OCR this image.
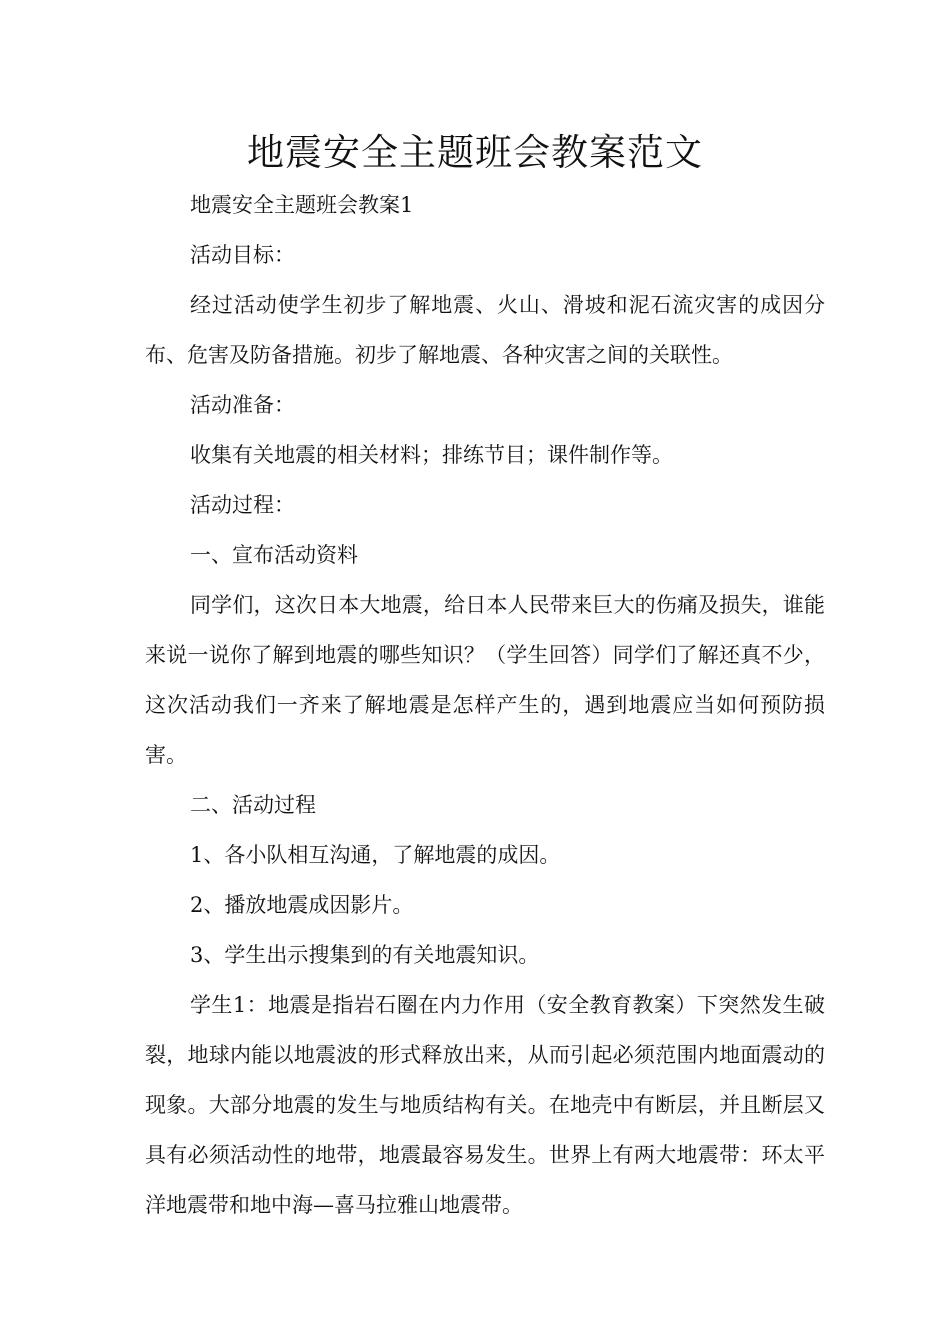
地震安全主题班会教案范文

地震安全主题班会教案1

活动目标：

经过活动使学生初步了解地震、火山、滑坡和泥石流灾害的成因分布、危害及防备措施。初步了解地震、各种灾害之间的关联性。

活动准备：

收集有关地震的相关材料；排练节目；课件制作等。

活动过程：

一、宣布活动资料

同学们，这次日本大地震，给日本人民带来巨大的伤痛及损失，谁能来说一说你了解到地震的哪些知识？（学生回答）同学们了解还真不少，这次活动我们一齐来了解地震是怎样产生的，遇到地震应当如何预防损害。

二、活动过程

1、各小队相互沟通，了解地震的成因。

2、播放地震成因影片。

3、学生出示搜集到的有关地震知识。

学生1：地震是指岩石圈在内力作用（安全教育教案）下突然发生破裂，地球内能以地震波的形式释放出来，从而引起必须范围内地面震动的现象。大部分地震的发生与地质结构有关。在地壳中有断层，并且断层又具有必须活动性的地带，地震最容易发生。世界上有两大地震带：环太平洋地震带和地中海—喜马拉雅山地震带。
